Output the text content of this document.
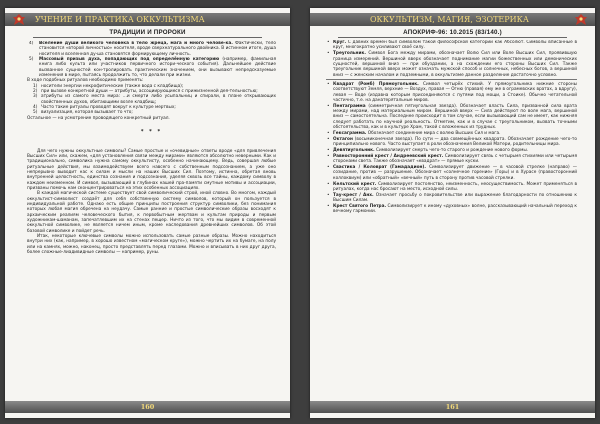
УЧЕНИЕ И ПРАКТИКА ОККУЛЬТИЗМА
ТРАДИЦИИ И ПРОРОКИ
4) Вселение души великого человека в тело жреца, мага и много челове-ка. Фактически, тело становится «второй личностью» носителя, вроде сверхнатурального двойника. В истинном итоге, душа носителя и вселенная ду-ша становятся формирующему личность.
5) Массовый призыв духа, попадающих под определённую категорию (например, фамильная книга либо культа или участников первичного истори-ческого события). Дальнейшее действие вызванное сущностей кон-тролировать практическим значением, они вызывают непредсказуемые изменения в мире, пытаясь продолжить то, что делали при жизни.

В ходе подобных ритуалов необходимо применять:

1) носители энергии некрофитические (также вода с кладбища);
2) при вызове конкретной души — атрибуты, ассоциирующиеся с прижизненной дея-тельностью;
3) атрибуты из самого места мира: ...и смерти либо усыпальниц и спирали, в плане открывающих свойственных духов, обитающими возле кладбищ;
4) Часто такие ритуалы проводят вокруг к культуре мертвых;
5) визуализация, которая вызывает то что;

Остальное — на усмотрение проводящего конкретный ритуал.

* * *

Для чего нужны оккультные символы? Самые простые и «очевидные» ответы вроде «для привлечения Высших Сил» или, скажем, «для установления связи между мирами» являются абсолютно неверными. Как и традиционально, символика нужна самому оккультисту, особенно начинающему. Ведь, совершая любые ритуальные действия, мы взаимодействуем всего навсего с собственным подсознанием, а уже оно непрерывно выводит нас к силам и мысли на наших Высших Сил. Поэтому, истинна, обретая вновь внутренней целостность, единства сознания и подсознания, уделяя сквозь все тайны, каждому символу в каждом неизменном. И символ, вызывающий в глубинах нашей пра-памяти смутные мотивы и ассоциации, призваны помочь нам сконцентрироваться на этих особенных ассоциациях.

В каждой магической системе существует свой символический строй, иной словно. Во многом, каждый оккультист-символист создаёт для себя собственную систему символов, который он пользуется в индивидуальной работе. Однако есть общие принципы построения структур символики, без понимания которых любая магия обречена на неудачу. Самые ранние и простые символические образы восходят к архаическим реалиям человеческого бытия, к первобытным жертвам и культам природы и первым художникам-шаманам, запечатлевшим их на стенах пещер. Ничто из того, что мы видим в современной оккультной символике, не является ничем иным, кроме наследования древнейших символов. Об этой базовой символике и пойдет речь.

Итак, некоторые ключевые символы можно использовать самые разные образы. Можно находиться внутри них (как, например, в хорошо известном «магическом круге»), можно чертить их на бумаге, на полу или на камнях, можно, наконец, просто представлять перед глазами. Можно и вписывать в них друг друга, более сложные-лиадивидные символы — например, руны.

160
ОККУЛЬТИЗМ, МАГИЯ, ЭЗОТЕРИКА
АПОКРИФ-96: 10.2015 (83/140.)
• Круг. С давних времён был символом такой философской категории как Абсолют. Символы вписанные в круг, многократно усиливают своё силу.
• Треугольник. Символ Бога между мирами, обозначает Волю Сил или Воле Высших Сил, проявившую граница измерений. Вершиной вверх обозначает поднимание магии божественных или демонических сущностей, вершиной вниз — при обуздании, а на схождении его стороны Высших Сил. Также треугольник вершиной вверх может означать мужской способ и солнечных, небесных богов, а вершиной вниз — с женским началом и подземными, в оккультизме данное разделение достаточно условно.
• Квадрат (Ромб) Прямоугольник. Символ четырёх стихий. У прямоугольника нижние стороны соответствуют Земля, верхние — Воздух, правая — Огню (правая) ему же в ограмевских вратах, а вдругу), левая — Воде (издавна которым присоединяются с путями под мощи, а Стоике). Обычно четательной частично, т.е. на данатерятальные миров.
• Пентаграмма (симметричная пятиугольная звезда). Обозначает власть Сила, призванной сила врата между мирами, над материальным миром. Вершиной вверх — Сила действуют по воле мага, вершиной вниз — самостоятельна. Последнее происходит в том случае, если вызывающий сам не имеет, как нижняя следует работать по научной реальность. Отметим, как и в случае с треугольником, вызвать точными обстоятельства, как и в культуре Храм, такой с вложенных из трудных.
• Гексаграмма. Обозначает соединение мира с волею Высших Сил и мага.
• Октагон (восьмиконечная звезда). По сути — два совмещённых квадрата. Обозначает рождение чего-то принципиально нового. Часто выступает в роли обозначения Великой Матери, родительницы мира.
• Девятиугольник. Символизирует смерть чего-то старого и рождение нового формы.
• Равносторонний крест / Андреевский крест. Символизирует связь с четырьмя стихиями или четырьмя сторонами света. Также обозначает «квадрат» — прямые куски.
• Свастика / Коловрат (Гамададион). Символизирует движение — в часовой стрелке (направо) — созидание, против — разрушение. Обозначает «солнечное горение» (Горы) и в Хурасе (правосторонний коллоквиум) или «обратный» «вечный» путь в сторону против часовой стрелки.
• Кельтский крест. Символизирует постоянство, неизменность, неосуществимость. Может применяться в ритуалах, когда нас бросают на место, исходной силы.
• Тау-крест / Анх. Означает просьбу о покровительстве или выражение благодарности по отношению к Высшим Силам.
• Крест Святого Петра. Символизирует к иному «духовных» волне, рассказывающий начальный переход к вечному гармонии.
161
